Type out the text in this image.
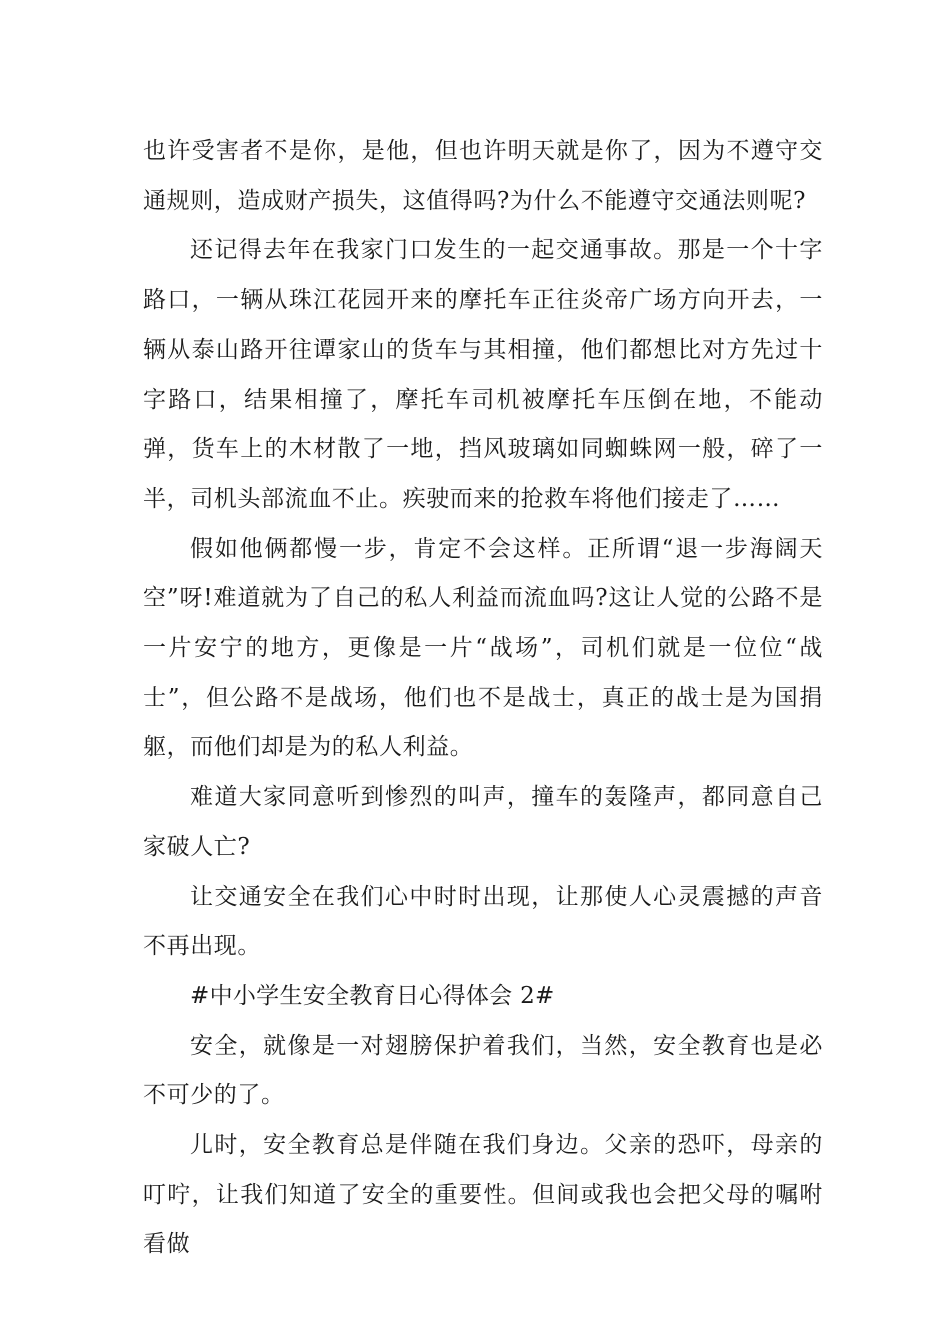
也许受害者不是你，是他，但也许明天就是你了，因为不遵守交通规则，造成财产损失，这值得吗?为什么不能遵守交通法则呢?

还记得去年在我家门口发生的一起交通事故。那是一个十字路口，一辆从珠江花园开来的摩托车正往炎帝广场方向开去，一辆从泰山路开往谭家山的货车与其相撞，他们都想比对方先过十字路口，结果相撞了，摩托车司机被摩托车压倒在地，不能动弹，货车上的木材散了一地，挡风玻璃如同蜘蛛网一般，碎了一半，司机头部流血不止。疾驶而来的抢救车将他们接走了……

假如他俩都慢一步，肯定不会这样。正所谓“退一步海阔天空”呀!难道就为了自己的私人利益而流血吗?这让人觉的公路不是一片安宁的地方，更像是一片“战场”，司机们就是一位位“战士”，但公路不是战场，他们也不是战士，真正的战士是为国捐躯，而他们却是为的私人利益。

难道大家同意听到惨烈的叫声，撞车的轰隆声，都同意自己家破人亡?

让交通安全在我们心中时时出现，让那使人心灵震撼的声音不再出现。

#中小学生安全教育日心得体会 2#

安全，就像是一对翅膀保护着我们，当然，安全教育也是必不可少的了。

儿时，安全教育总是伴随在我们身边。父亲的恐吓，母亲的叮咛，让我们知道了安全的重要性。但间或我也会把父母的嘱咐看做
